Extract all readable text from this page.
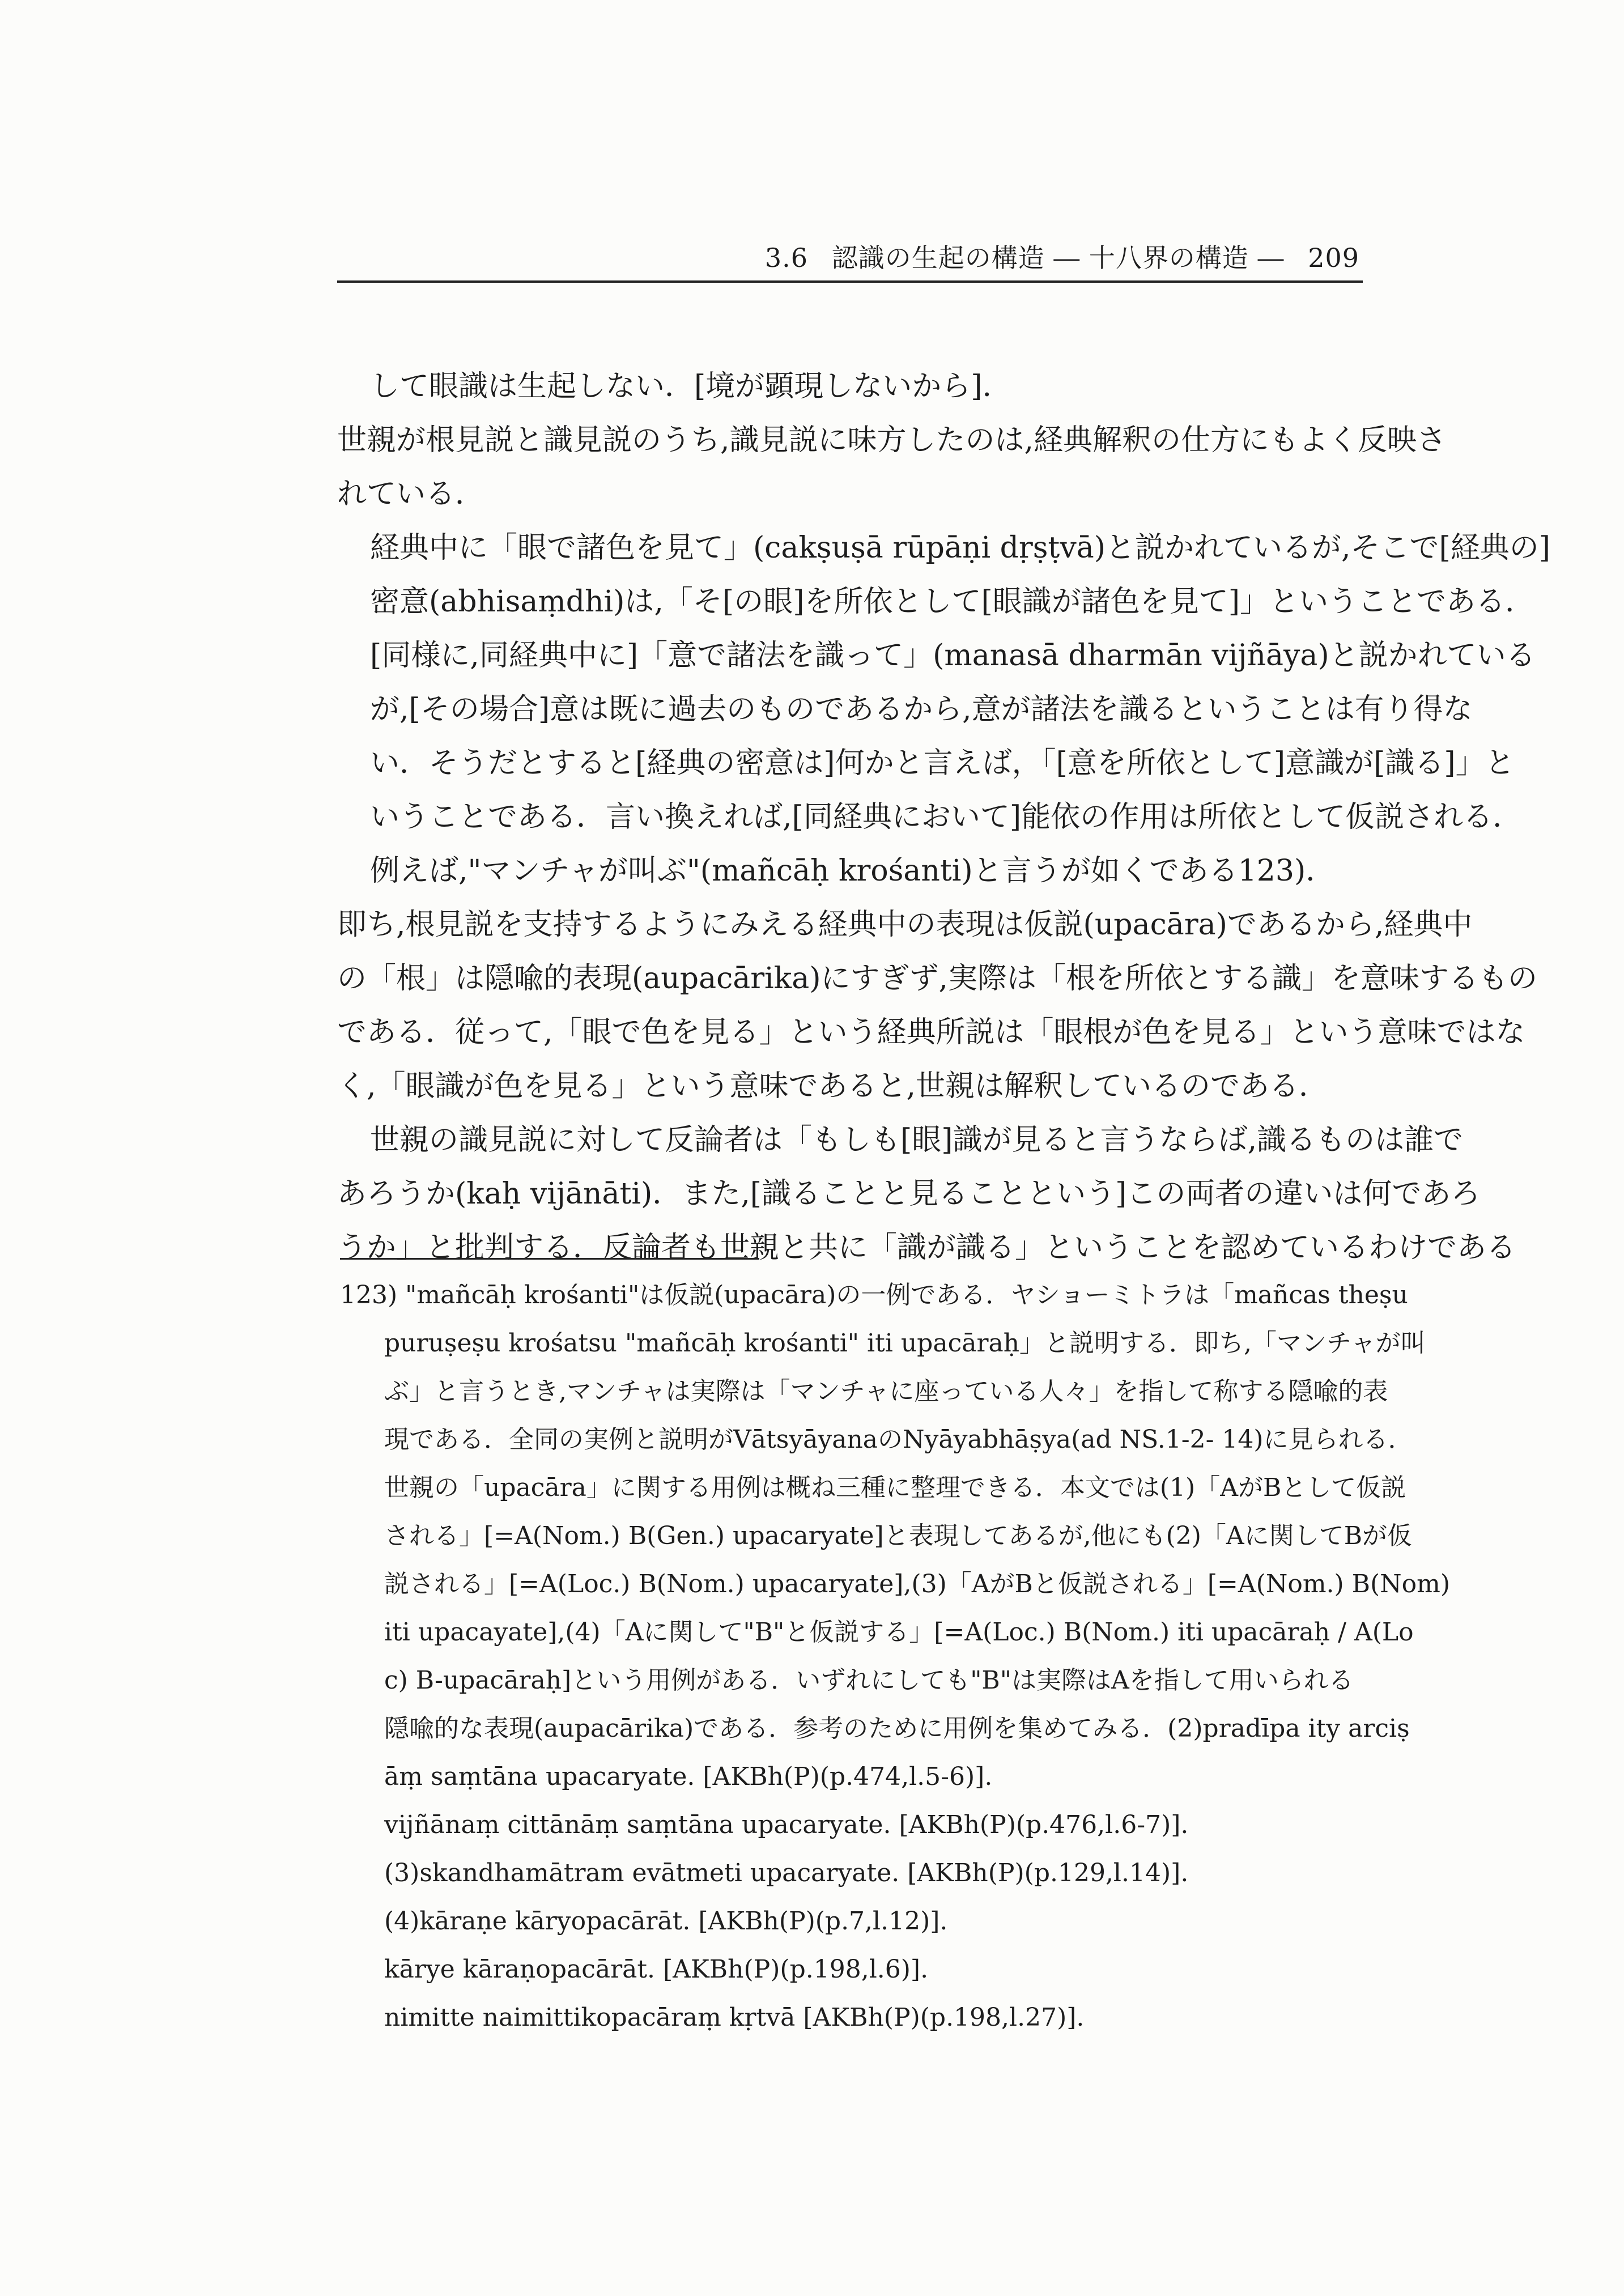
3.6 認識の生起の構造 ― 十八界の構造 ― 209
して眼識は生起しない．[境が顕現しないから]．
世親が根見説と識見説のうち,識見説に味方したのは,経典解釈の仕方にもよく反映さ
れている．
経典中に「眼で諸色を見て」(cakṣuṣā rūpāṇi dṛṣṭvā)と説かれているが,そこで[経典の]
密意(abhisaṃdhi)は,「そ[の眼]を所依として[眼識が諸色を見て]」ということである．
[同様に,同経典中に]「意で諸法を識って」(manasā dharmān vijñāya)と説かれている
が,[その場合]意は既に過去のものであるから,意が諸法を識るということは有り得な
い．そうだとすると[経典の密意は]何かと言えば，「[意を所依として]意識が[識る]」と
いうことである．言い換えれば,[同経典において]能依の作用は所依として仮説される．
例えば,"マンチャが叫ぶ"(mañcāḥ krośanti)と言うが如くである123)．
即ち,根見説を支持するようにみえる経典中の表現は仮説(upacāra)であるから,経典中
の「根」は隠喩的表現(aupacārika)にすぎず,実際は「根を所依とする識」を意味するもの
である．従って,「眼で色を見る」という経典所説は「眼根が色を見る」という意味ではな
く,「眼識が色を見る」という意味であると,世親は解釈しているのである．
世親の識見説に対して反論者は「もしも[眼]識が見ると言うならば,識るものは誰で
あろうか(kaḥ vijānāti)．また,[識ることと見ることという]この両者の違いは何であろ
うか」と批判する．反論者も世親と共に「識が識る」ということを認めているわけである
123) "mañcāḥ krośanti"は仮説(upacāra)の一例である．ヤショーミトラは「mañcas theṣu
puruṣeṣu krośatsu "mañcāḥ krośanti" iti upacāraḥ」と説明する．即ち,「マンチャが叫
ぶ」と言うとき,マンチャは実際は「マンチャに座っている人々」を指して称する隠喩的表
現である．全同の実例と説明がVātsyāyanaのNyāyabhāṣya(ad NS.1-2- 14)に見られる．
世親の「upacāra」に関する用例は概ね三種に整理できる．本文では(1)「AがBとして仮説
される」[=A(Nom.) B(Gen.) upacaryate]と表現してあるが,他にも(2)「Aに関してBが仮
説される」[=A(Loc.) B(Nom.) upacaryate],(3)「AがBと仮説される」[=A(Nom.) B(Nom)
iti upacayate],(4)「Aに関して"B"と仮説する」[=A(Loc.) B(Nom.) iti upacāraḥ / A(Lo
c) B-upacāraḥ]という用例がある．いずれにしても"B"は実際はAを指して用いられる
隠喩的な表現(aupacārika)である．参考のために用例を集めてみる．(2)pradīpa ity arciṣ
āṃ saṃtāna upacaryate. [AKBh(P)(p.474,l.5-6)].
vijñānaṃ cittānāṃ saṃtāna upacaryate. [AKBh(P)(p.476,l.6-7)].
(3)skandhamātram evātmeti upacaryate. [AKBh(P)(p.129,l.14)].
(4)kāraṇe kāryopacārāt. [AKBh(P)(p.7,l.12)].
kārye kāraṇopacārāt. [AKBh(P)(p.198,l.6)].
nimitte naimittikopacāraṃ kṛtvā [AKBh(P)(p.198,l.27)].
